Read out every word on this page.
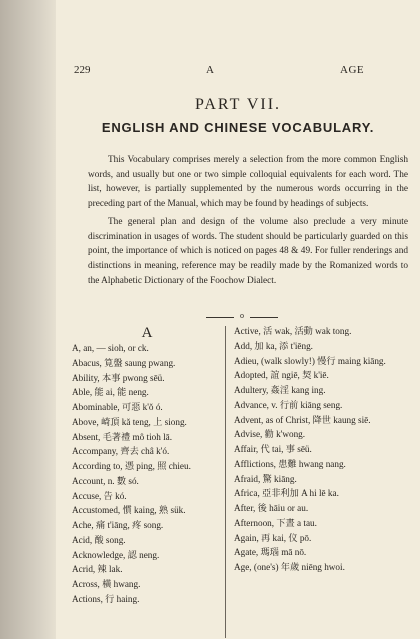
229	A	AGE
PART VII.
ENGLISH AND CHINESE VOCABULARY.

This Vocabulary comprises merely a selection from the more common English words, and usually but one or two simple colloquial equivalents for each word. The list, however, is partially supplemented by the numerous words occurring in the preceding part of the Manual, which may be found by headings of subjects.

The general plan and design of the volume also preclude a very minute discrimination in usages of words. The student should be particularly guarded on this point, the importance of which is noticed on pages 48 & 49. For fuller renderings and distinctions in meaning, reference may be readily made by the Romanized words to the Alphabetic Dictionary of the Foochow Dialect.

o
A
A, an, — sioh, or ck.
Abacus, 筧盤 saung pwang.
Ability, 本事 pwong sēü.
Able, 能 ai, 能 neng.
Abominable, 可惡 k'ŏ ó.
Above, 崎頂 kă teng, 上 siong.
Absent, 毛著禮 mô tioh lā.
Accompany, 齊去 châ k'ó.
According to, 憑 ping, 照 chieu.
Account, n. 數 só.
Accuse, 告 kó.
Accustomed, 慣 kaing, 熟 sük.
Ache, 痛 t'iāng, 疼 song.
Acid, 酸 song.
Acknowledge, 認 neng.
Acrid, 辣 lak.
Across, 橫 hwang.
Actions, 行 haing.
Active, 活 wak, 活動 wak tong.
Add, 加 ka, 添 t'iēng.
Adieu, (walk slowly!) 慢行 maing kiāng.
Adopted, 誼 ngiē, 契 k'iē.
Adultery, 姦淫 kang ing.
Advance, v. 行前 kiāng seng.
Advent, as of Christ, 降世 kaung siē.
Advise, 勸 k'wong.
Affair, 代 tai, 事 sēü.
Afflictions, 患難 hwang nang.
Afraid, 驚 kiāng.
Africa, 亞非利加 A hi lē ka.
After, 後 hāiu or au.
Afternoon, 下晝 a tau.
Again, 再 kai, 仪 pō.
Agate, 瑪瑙 mā nō.
Age, (one's) 年歲 niēng hwoi.
